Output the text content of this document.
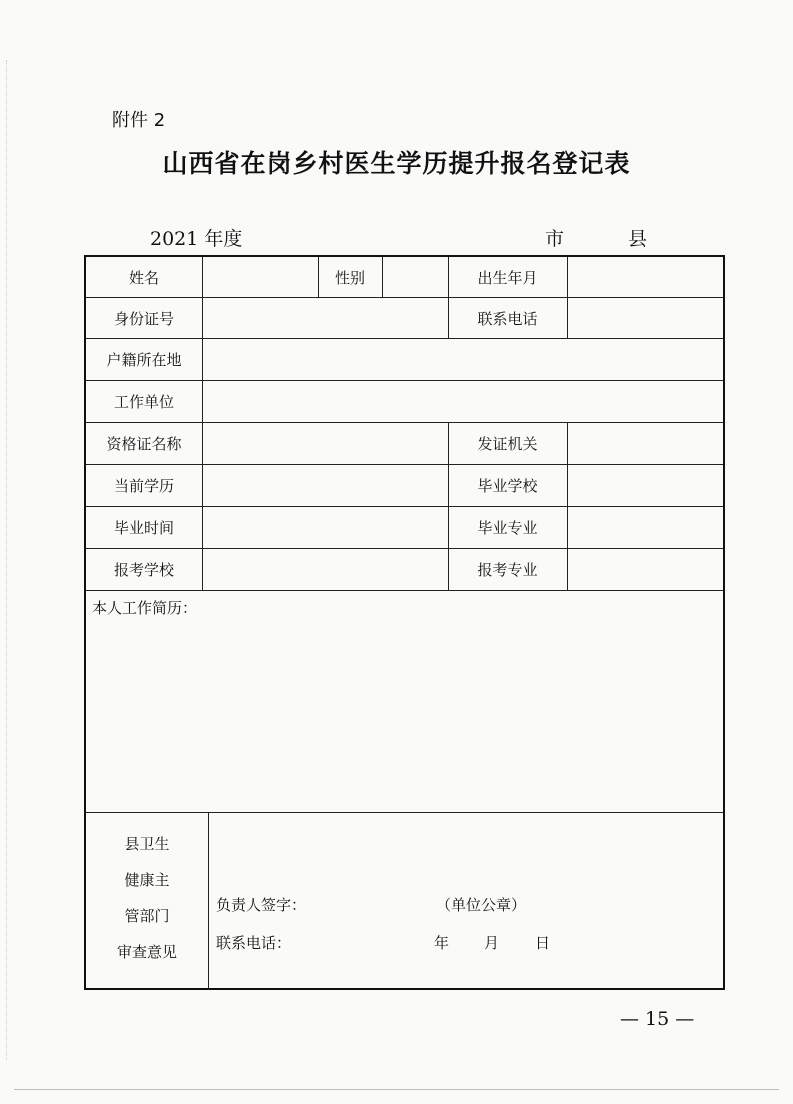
附件 2
山西省在岗乡村医生学历提升报名登记表
2021 年度	市	县
姓名	性别	出生年月
身份证号	联系电话
户籍所在地
工作单位
资格证名称	发证机关
当前学历	毕业学校
毕业时间	毕业专业
报考学校	报考专业
本人工作简历：
县卫生
健康主
管部门
审查意见
负责人签字：	（单位公章）
联系电话：	年 月 日
— 15 —
